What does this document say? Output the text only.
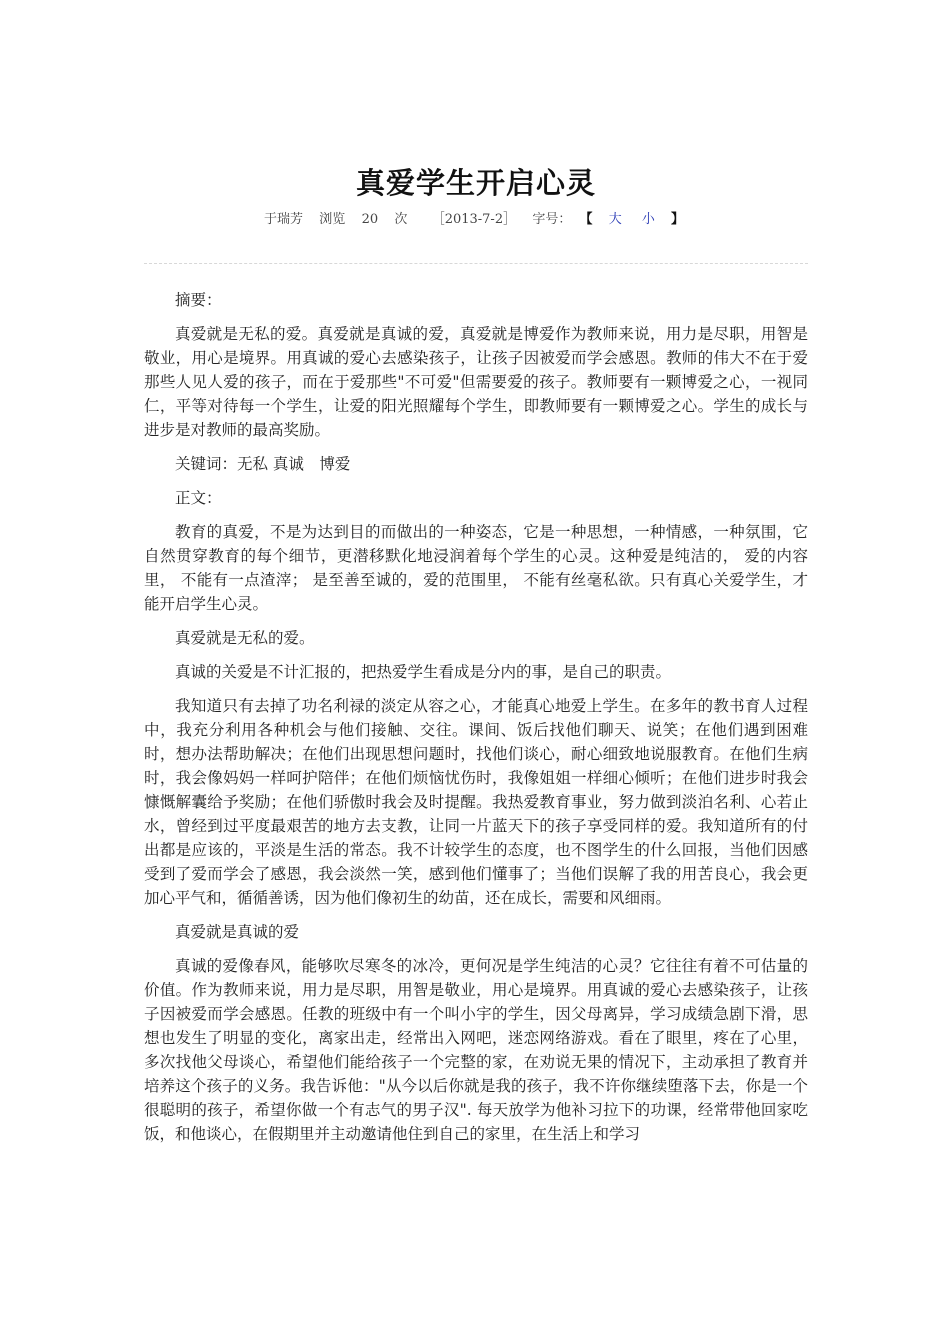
真爱学生开启心灵
于瑞芳 浏览 20 次 ［2013-7-2］ 字号： 【 大 小 】

摘要：

真爱就是无私的爱。真爱就是真诚的爱，真爱就是博爱作为教师来说，用力是尽职，用智是敬业，用心是境界。用真诚的爱心去感染孩子，让孩子因被爱而学会感恩。教师的伟大不在于爱那些人见人爱的孩子，而在于爱那些"不可爱"但需要爱的孩子。教师要有一颗博爱之心，一视同仁，平等对待每一个学生，让爱的阳光照耀每个学生，即教师要有一颗博爱之心。学生的成长与进步是对教师的最高奖励。

关键词：无私 真诚　博爱

正文：

教育的真爱，不是为达到目的而做出的一种姿态，它是一种思想，一种情感，一种氛围，它自然贯穿教育的每个细节，更潜移默化地浸润着每个学生的心灵。这种爱是纯洁的， 爱的内容里， 不能有一点渣滓； 是至善至诚的，爱的范围里， 不能有丝毫私欲。只有真心关爱学生，才能开启学生心灵。

真爱就是无私的爱。

真诚的关爱是不计汇报的，把热爱学生看成是分内的事，是自己的职责。

我知道只有去掉了功名利禄的淡定从容之心，才能真心地爱上学生。在多年的教书育人过程中，我充分利用各种机会与他们接触、交往。课间、饭后找他们聊天、说笑；在他们遇到困难时，想办法帮助解决；在他们出现思想问题时，找他们谈心，耐心细致地说服教育。在他们生病时，我会像妈妈一样呵护陪伴；在他们烦恼忧伤时，我像姐姐一样细心倾听；在他们进步时我会慷慨解囊给予奖励；在他们骄傲时我会及时提醒。我热爱教育事业，努力做到淡泊名利、心若止水，曾经到过平度最艰苦的地方去支教，让同一片蓝天下的孩子享受同样的爱。我知道所有的付出都是应该的，平淡是生活的常态。我不计较学生的态度，也不图学生的什么回报，当他们因感受到了爱而学会了感恩，我会淡然一笑，感到他们懂事了；当他们误解了我的用苦良心，我会更加心平气和，循循善诱，因为他们像初生的幼苗，还在成长，需要和风细雨。

真爱就是真诚的爱

真诚的爱像春风，能够吹尽寒冬的冰冷，更何况是学生纯洁的心灵？它往往有着不可估量的价值。作为教师来说，用力是尽职，用智是敬业，用心是境界。用真诚的爱心去感染孩子，让孩子因被爱而学会感恩。任教的班级中有一个叫小宇的学生，因父母离异，学习成绩急剧下滑，思想也发生了明显的变化，离家出走，经常出入网吧，迷恋网络游戏。看在了眼里，疼在了心里，多次找他父母谈心，希望他们能给孩子一个完整的家，在劝说无果的情况下，主动承担了教育并培养这个孩子的义务。我告诉他："从今以后你就是我的孩子，我不许你继续堕落下去，你是一个很聪明的孩子，希望你做一个有志气的男子汉". 每天放学为他补习拉下的功课，经常带他回家吃饭，和他谈心，在假期里并主动邀请他住到自己的家里，在生活上和学习
